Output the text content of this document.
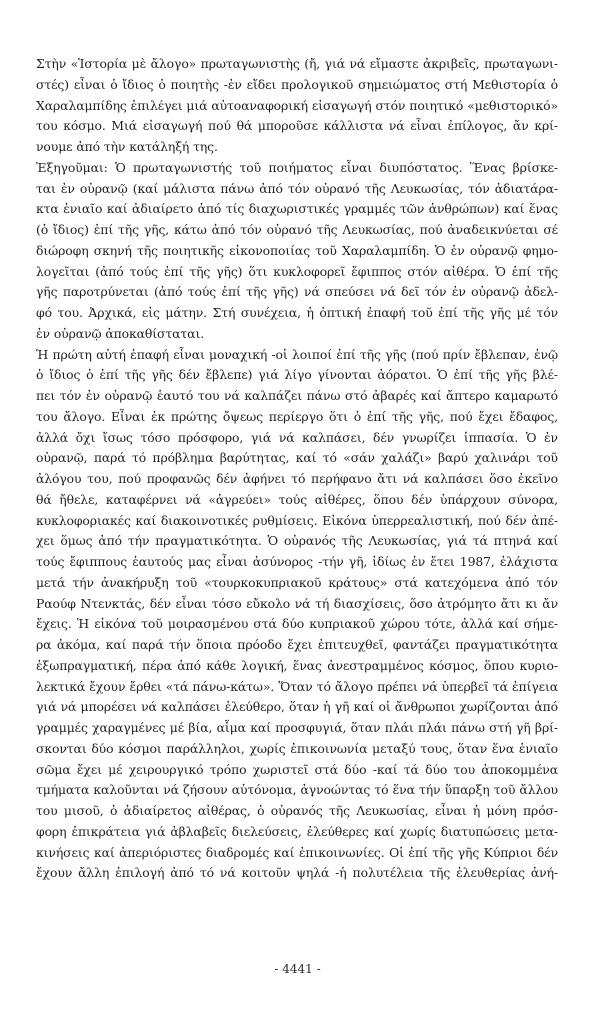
Στὴν «Ἱστορία μὲ ἄλογο» πρωταγωνιστὴς (ἤ, γιά νά εἴμαστε ἀκριβεῖς, πρωταγωνι-
στές) εἶναι ὁ ἴδιος ὁ ποιητὴς -ἐν εἴδει προλογικοῦ σημειώματος στή Μεθιστορία ὁ
Χαραλαμπίδης ἐπιλέγει μιά αὐτοαναφορική εἰσαγωγή στόν ποιητικό «μεθιστορικό»
του κόσμο. Μιά εἰσαγωγή πού θά μποροῦσε κάλλιστα νά εἶναι ἐπίλογος, ἄν κρί-
νουμε ἀπό τὴν κατάληξή της.
Ἐξηγοῦμαι: Ὁ πρωταγωνιστής τοῦ ποιήματος εἶναι διυπόστατος. Ἕνας βρίσκε-
ται ἐν οὐρανῷ (καί μάλιστα πάνω ἀπό τόν οὐρανό τῆς Λευκωσίας, τόν ἀδιατάρα-
κτα ἑνιαῖο καί ἀδιαίρετο ἀπό τίς διαχωριστικές γραμμές τῶν ἀνθρώπων) καί ἕνας
(ὁ ἴδιος) ἐπί τῆς γῆς, κάτω ἀπό τόν οὐρανό τῆς Λευκωσίας, πού ἀναδεικνύεται σέ
διώροφη σκηνή τῆς ποιητικῆς εἰκονοποιίας τοῦ Χαραλαμπίδη. Ὁ ἐν οὐρανῷ φημο-
λογεῖται (ἀπό τούς ἐπί τῆς γῆς) ὅτι κυκλοφορεῖ ἔφιππος στόν αἰθέρα. Ὁ ἐπί τῆς
γῆς παροτρύνεται (ἀπό τούς ἐπί τῆς γῆς) νά σπεύσει νά δεῖ τόν ἐν οὐρανῷ ἀδελ-
φό του. Ἀρχικά, εἰς μάτην. Στή συνέχεια, ἡ ὀπτική ἐπαφή τοῦ ἐπί τῆς γῆς μέ τόν
ἐν οὐρανῷ ἀποκαθίσταται.
Ἡ πρώτη αὐτή ἐπαφή εἶναι μοναχική -οἱ λοιποί ἐπί τῆς γῆς (πού πρίν ἔβλεπαν, ἐνῷ
ὁ ἴδιος ὁ ἐπί τῆς γῆς δέν ἔβλεπε) γιά λίγο γίνονται ἀόρατοι. Ὁ ἐπί τῆς γῆς βλέ-
πει τόν ἐν οὐρανῷ ἑαυτό του νά καλπάζει πάνω στό ἀβαρές καί ἄπτερο καμαρωτό
του ἄλογο. Εἶναι ἐκ πρώτης ὄψεως περίεργο ὅτι ὁ ἐπί τῆς γῆς, πού ἔχει ἔδαφος,
ἀλλά ὄχι ἴσως τόσο πρόσφορο, γιά νά καλπάσει, δέν γνωρίζει ἱππασία. Ὁ ἐν
οὐρανῷ, παρά τό πρόβλημα βαρύτητας, καί τό «σάν χαλάζι» βαρύ χαλινάρι τοῦ
ἀλόγου του, πού προφανῶς δέν ἀφήνει τό περήφανο ἄτι νά καλπάσει ὅσο ἐκεῖνο
θά ἤθελε, καταφέρνει νά «ἀγρεύει» τούς αἰθέρες, ὅπου δέν ὑπάρχουν σύνορα,
κυκλοφοριακές καί διακοινοτικές ρυθμίσεις. Εἰκόνα ὑπερρεαλιστική, πού δέν ἀπέ-
χει ὅμως ἀπό τήν πραγματικότητα. Ὁ οὐρανός τῆς Λευκωσίας, γιά τά πτηνά καί
τούς ἔφιππους ἑαυτούς μας εἶναι ἀσύνορος -τήν γῆ, ἰδίως ἐν ἔτει 1987, ἐλάχιστα
μετά τήν ἀνακήρυξη τοῦ «τουρκοκυπριακοῦ κράτους» στά κατεχόμενα ἀπό τόν
Ραούφ Ντενκτάς, δέν εἶναι τόσο εὔκολο νά τή διασχίσεις, ὅσο ἀτρόμητο ἄτι κι ἄν
ἔχεις. Ἡ εἰκόνα τοῦ μοιρασμένου στά δύο κυπριακοῦ χώρου τότε, ἀλλά καί σήμε-
ρα ἀκόμα, καί παρά τήν ὅποια πρόοδο ἔχει ἐπιτευχθεῖ, φαντάζει πραγματικότητα
ἐξωπραγματική, πέρα ἀπό κάθε λογική, ἕνας ἀνεστραμμένος κόσμος, ὅπου κυριο-
λεκτικά ἔχουν ἔρθει «τά πάνω-κάτω». Ὅταν τό ἄλογο πρέπει νά ὑπερβεῖ τά ἐπίγεια
γιά νά μπορέσει νά καλπάσει ἐλεύθερο, ὅταν ἡ γῆ καί οἱ ἄνθρωποι χωρίζονται ἀπό
γραμμές χαραγμένες μέ βία, αἷμα καί προσφυγιά, ὅταν πλάι πλάι πάνω στή γῆ βρί-
σκονται δύο κόσμοι παράλληλοι, χωρίς ἐπικοινωνία μεταξύ τους, ὅταν ἕνα ἑνιαῖο
σῶμα ἔχει μέ χειρουργικό τρόπο χωριστεῖ στά δύο -καί τά δύο του ἀποκομμένα
τμήματα καλοῦνται νά ζήσουν αὐτόνομα, ἀγνοώντας τό ἕνα τήν ὕπαρξη τοῦ ἄλλου
του μισοῦ, ὁ ἀδιαίρετος αἰθέρας, ὁ οὐρανός τῆς Λευκωσίας, εἶναι ἡ μόνη πρόσ-
φορη ἐπικράτεια γιά ἀβλαβεῖς διελεύσεις, ἐλεύθερες καί χωρίς διατυπώσεις μετα-
κινήσεις καί ἀπεριόριστες διαδρομές καί ἐπικοινωνίες. Οἱ ἐπί τῆς γῆς Κύπριοι δέν
ἔχουν ἄλλη ἐπιλογή ἀπό τό νά κοιτοῦν ψηλά -ἡ πολυτέλεια τῆς ἐλευθερίας ἀνή-
- 4441 -
